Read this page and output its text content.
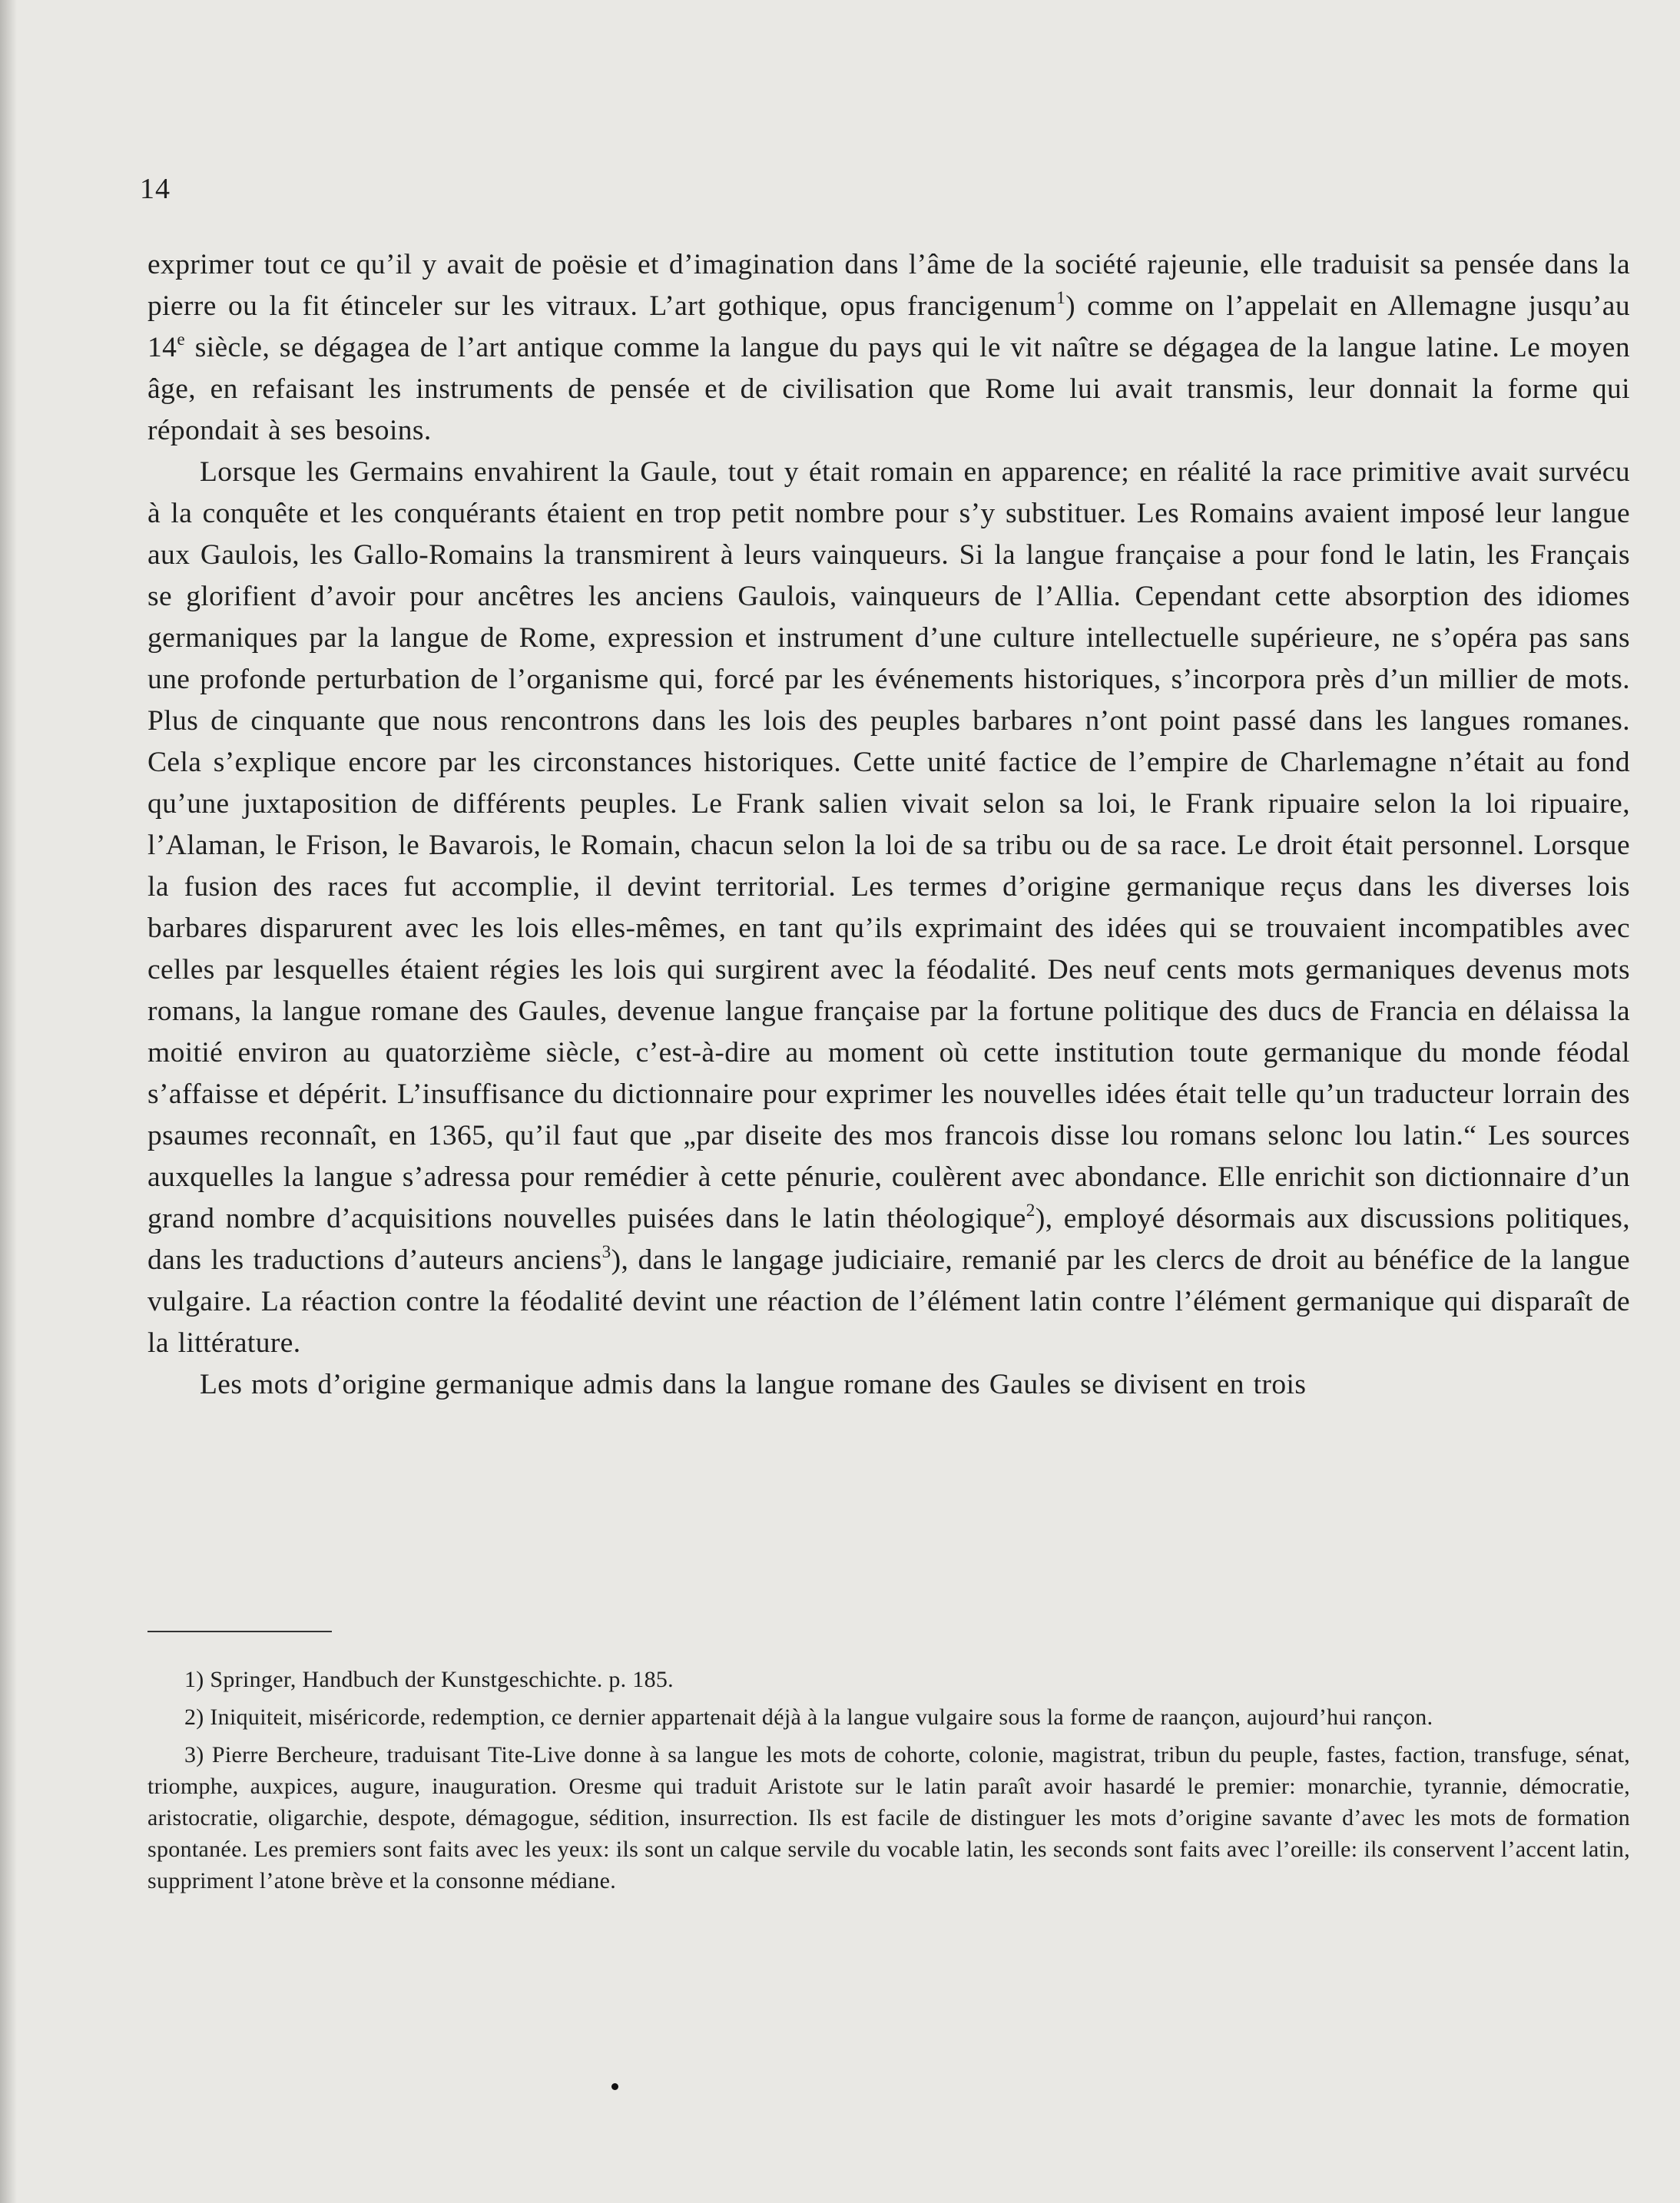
14

exprimer tout ce qu’il y avait de poësie et d’imagination dans l’âme de la société rajeunie, elle traduisit sa pensée dans la pierre ou la fit étinceler sur les vitraux. L’art gothique, opus francigenum$^1$) comme on l’appelait en Allemagne jusqu’au 14e siècle, se dégagea de l’art antique comme la langue du pays qui le vit naître se dégagea de la langue latine. Le moyen âge, en refaisant les instruments de pensée et de civilisation que Rome lui avait transmis, leur donnait la forme qui répondait à ses besoins.

Lorsque les Germains envahirent la Gaule, tout y était romain en apparence; en réalité la race primitive avait survécu à la conquête et les conquérants étaient en trop petit nombre pour s’y substituer. Les Romains avaient imposé leur langue aux Gaulois, les Gallo-Romains la transmirent à leurs vainqueurs. Si la langue française a pour fond le latin, les Français se glorifient d’avoir pour ancêtres les anciens Gaulois, vainqueurs de l’Allia. Cependant cette absorption des idiomes germaniques par la langue de Rome, expression et instrument d’une culture intellectuelle supérieure, ne s’opéra pas sans une profonde perturbation de l’organisme qui, forcé par les événements historiques, s’incorpora près d’un millier de mots. Plus de cinquante que nous rencontrons dans les lois des peuples barbares n’ont point passé dans les langues romanes. Cela s’explique encore par les circonstances historiques. Cette unité factice de l’empire de Charlemagne n’était au fond qu’une juxtaposition de différents peuples. Le Frank salien vivait selon sa loi, le Frank ripuaire selon la loi ripuaire, l’Alaman, le Frison, le Bavarois, le Romain, chacun selon la loi de sa tribu ou de sa race. Le droit était personnel. Lorsque la fusion des races fut accomplie, il devint territorial. Les termes d’origine germanique reçus dans les diverses lois barbares disparurent avec les lois elles-mêmes, en tant qu’ils exprimaint des idées qui se trouvaient incompatibles avec celles par lesquelles étaient régies les lois qui surgirent avec la féodalité. Des neuf cents mots germaniques devenus mots romans, la langue romane des Gaules, devenue langue française par la fortune politique des ducs de Francia en délaissa la moitié environ au quatorzième siècle, c’est-à-dire au moment où cette institution toute germanique du monde féodal s’affaisse et dépérit. L’insuffisance du dictionnaire pour exprimer les nouvelles idées était telle qu’un traducteur lorrain des psaumes reconnaît, en 1365, qu’il faut que „par diseite des mos francois disse lou romans selonc lou latin.“ Les sources auxquelles la langue s’adressa pour remédier à cette pénurie, coulèrent avec abondance. Elle enrichit son dictionnaire d’un grand nombre d’acquisitions nouvelles puisées dans le latin théologique$^2$), employé désormais aux discussions politiques, dans les traductions d’auteurs anciens$^3$), dans le langage judiciaire, remanié par les clercs de droit au bénéfice de la langue vulgaire. La réaction contre la féodalité devint une réaction de l’élément latin contre l’élément germanique qui disparaît de la littérature.

Les mots d’origine germanique admis dans la langue romane des Gaules se divisent en trois

1) Springer, Handbuch der Kunstgeschichte. p. 185.

2) Iniquiteit, miséricorde, redemption, ce dernier appartenait déjà à la langue vulgaire sous la forme de raançon, aujourd’hui rançon.

3) Pierre Bercheure, traduisant Tite-Live donne à sa langue les mots de cohorte, colonie, magistrat, tribun du peuple, fastes, faction, transfuge, sénat, triomphe, auxpices, augure, inauguration. Oresme qui traduit Aristote sur le latin paraît avoir hasardé le premier: monarchie, tyrannie, démocratie, aristocratie, oligarchie, despote, démagogue, sédition, insurrection. Ils est facile de distinguer les mots d’origine savante d’avec les mots de formation spontanée. Les premiers sont faits avec les yeux: ils sont un calque servile du vocable latin, les seconds sont faits avec l’oreille: ils conservent l’accent latin, suppriment l’atone brève et la consonne médiane.
